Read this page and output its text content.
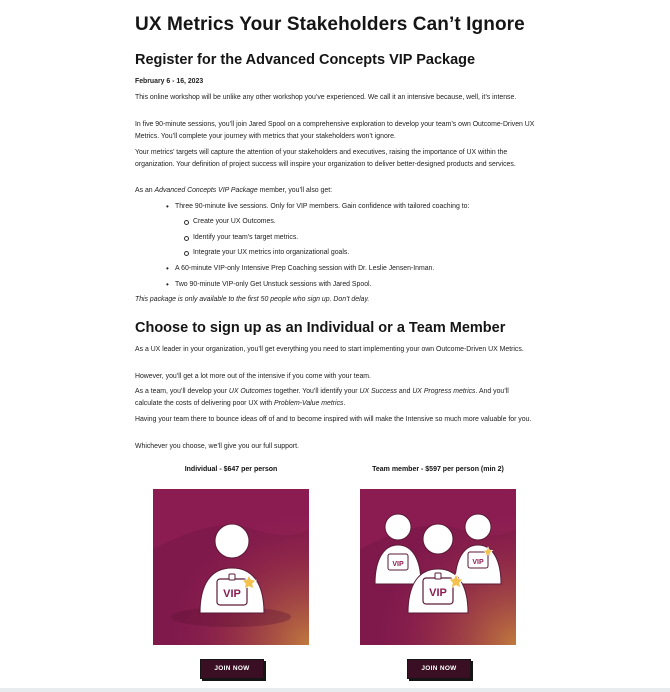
UX Metrics Your Stakeholders Can’t Ignore
Register for the Advanced Concepts VIP Package

February 6 - 16, 2023

This online workshop will be unlike any other workshop you’ve experienced. We call it an intensive because, well, it’s intense.

In five 90-minute sessions, you’ll join Jared Spool on a comprehensive exploration to develop your team’s own Outcome-Driven UX Metrics. You’ll complete your journey with metrics that your stakeholders won’t ignore.

Your metrics’ targets will capture the attention of your stakeholders and executives, raising the importance of UX within the organization. Your definition of project success will inspire your organization to deliver better-designed products and services.

As an Advanced Concepts VIP Package member, you’ll also get:

• Three 90-minute live sessions. Only for VIP members. Gain confidence with tailored coaching to:
Create your UX Outcomes.
Identify your team’s target metrics.
Integrate your UX metrics into organizational goals.
• A 60-minute VIP-only Intensive Prep Coaching session with Dr. Leslie Jensen-Inman.
• Two 90-minute VIP-only Get Unstuck sessions with Jared Spool.

This package is only available to the first 50 people who sign up. Don’t delay.

Choose to sign up as an Individual or a Team Member

As a UX leader in your organization, you’ll get everything you need to start implementing your own Outcome-Driven UX Metrics.

However, you’ll get a lot more out of the intensive if you come with your team.

As a team, you’ll develop your UX Outcomes together. You’ll identify your UX Success and UX Progress metrics. And you’ll calculate the costs of delivering poor UX with Problem-Value metrics.

Having your team there to bounce ideas off of and to become inspired with will make the Intensive so much more valuable for you.

Whichever you choose, we’ll give you our full support.

Individual - $647 per person
VIP
JOIN NOW
Team member - $597 per person (min 2)
VIP	VIP
VIP
JOIN NOW
